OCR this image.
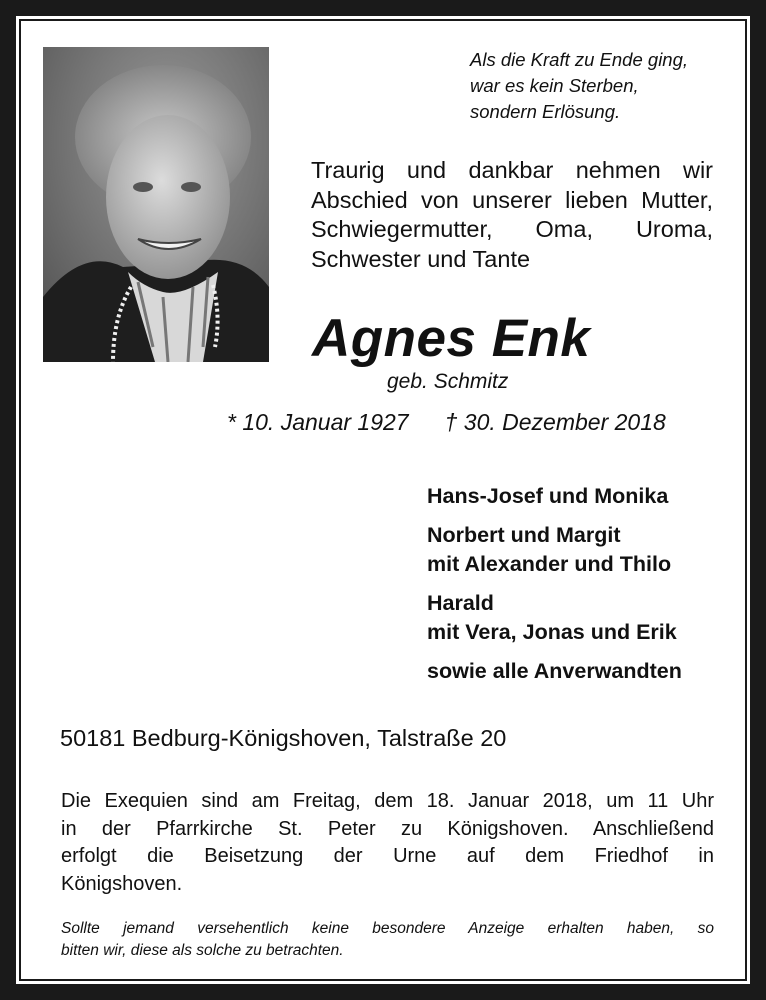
Als die Kraft zu Ende ging,
war es kein Sterben,
sondern Erlösung.
Traurig und dankbar nehmen wir
Abschied von unserer lieben Mutter,
Schwiegermutter, Oma, Uroma,
Schwester und Tante
Agnes Enk
geb. Schmitz
* 10. Januar 1927 † 30. Dezember 2018
Hans-Josef und Monika
Norbert und Margit
mit Alexander und Thilo
Harald
mit Vera, Jonas und Erik
sowie alle Anverwandten
50181 Bedburg-Königshoven, Talstraße 20
Die Exequien sind am Freitag, dem 18. Januar 2018, um 11 Uhr
in der Pfarrkirche St. Peter zu Königshoven. Anschließend
erfolgt die Beisetzung der Urne auf dem Friedhof in
Königshoven.
Sollte jemand versehentlich keine besondere Anzeige erhalten haben, so
bitten wir, diese als solche zu betrachten.
